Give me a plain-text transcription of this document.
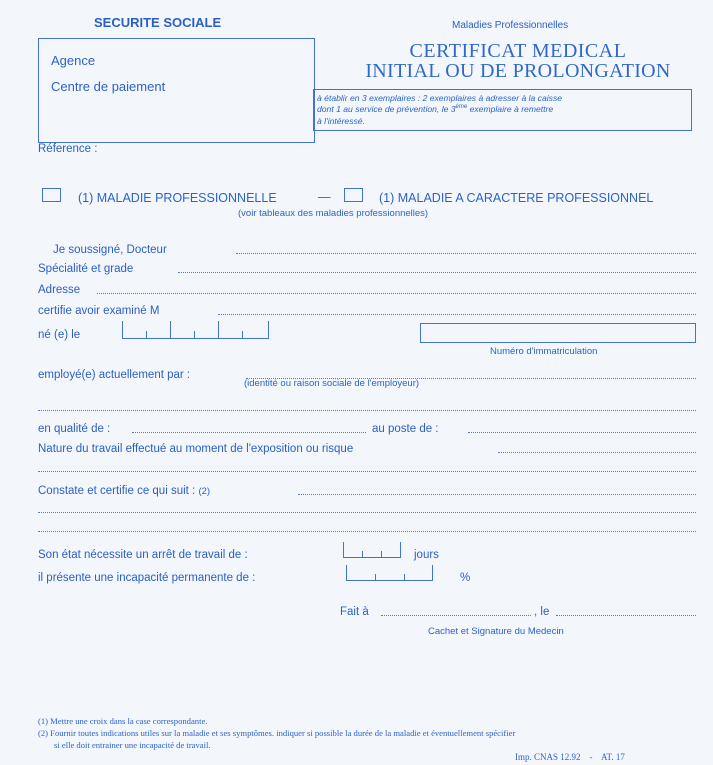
SECURITE SOCIALE
Agence
Centre de paiement
Maladies Professionnelles
CERTIFICAT MEDICAL
INITIAL OU DE PROLONGATION
à établir en 3 exemplaires : 2 exemplaires à adresser à la caisse
dont 1 au service de prévention, le 3ème exemplaire à remettre
à l'intéressé.
Réference :
(1) MALADIE PROFESSIONNELLE	—	(1) MALADIE A CARACTERE PROFESSIONNEL
(voir tableaux des maladies professionnelles)
Je soussigné, Docteur
Spécialité et grade
Adresse
certifie avoir examiné M
né (e) le
Numéro d'immatriculation
employé(e) actuellement par :
(identité ou raison sociale de l'employeur)
en qualité de :	au poste de :
Nature du travail effectué au moment de l'exposition ou risque
Constate et certifie ce qui suit : (2)
Son état nécessite un arrêt de travail de :	jours
il présente une incapacité permanente de :	%
Fait à	, le
Cachet et Signature du Medecin
(1) Mettre une croix dans la case correspondante.
(2) Fournir toutes indications utiles sur la maladie et ses symptômes. indiquer si possible la durée de la maladie et éventuellement spécifier
si elle doit entrainer une incapacité de travail.
Imp. CNAS 12.92    -    AT. 17
